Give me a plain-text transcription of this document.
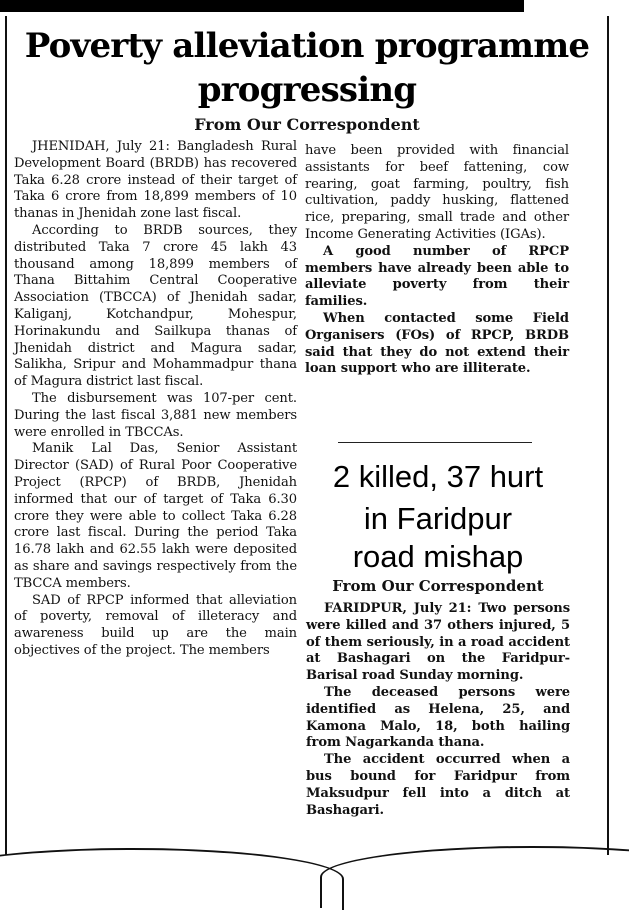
Poverty alleviation programme
progressing

From Our Correspondent

JHENIDAH, July 21: Bangladesh Rural Development Board (BRDB) has recovered Taka 6.28 crore instead of their target of Taka 6 crore from 18,899 members of 10 thanas in Jhenidah zone last fiscal.

According to BRDB sources, they distributed Taka 7 crore 45 lakh 43 thousand among 18,899 members of Thana Bittahim Central Cooperative Association (TBCCA) of Jhenidah sadar, Kaliganj, Kotchandpur, Mohespur, Horinakundu and Sailkupa thanas of Jhenidah district and Magura sadar, Salikha, Sripur and Mohammadpur thana of Magura district last fiscal.

The disbursement was 107-per cent. During the last fiscal 3,881 new members were enrolled in TBCCAs.

Manik Lal Das, Senior Assistant Director (SAD) of Rural Poor Cooperative Project (RPCP) of BRDB, Jhenidah informed that our of target of Taka 6.30 crore they were able to collect Taka 6.28 crore last fiscal. During the period Taka 16.78 lakh and 62.55 lakh were deposited as share and savings respectively from the TBCCA members.

SAD of RPCP informed that alleviation of poverty, removal of illeteracy and awareness build up are the main objectives of the project. The members

have been provided with financial assistants for beef fattening, cow rearing, goat farming, poultry, fish cultivation, paddy husking, flattened rice, preparing, small trade and other Income Generating Activities (IGAs).

A good number of RPCP members have already been able to alleviate poverty from their families.

When contacted some Field Organisers (FOs) of RPCP, BRDB said that they do not extend their loan support who are illiterate.

2 killed, 37 hurt
in Faridpur
road mishap

From Our Correspondent

FARIDPUR, July 21: Two persons were killed and 37 others injured, 5 of them seriously, in a road accident at Bashagari on the Faridpur-Barisal road Sunday morning.

The deceased persons were identified as Helena, 25, and Kamona Malo, 18, both hailing from Nagarkanda thana.

The accident occurred when a bus bound for Faridpur from Maksudpur fell into a ditch at Bashagari.
